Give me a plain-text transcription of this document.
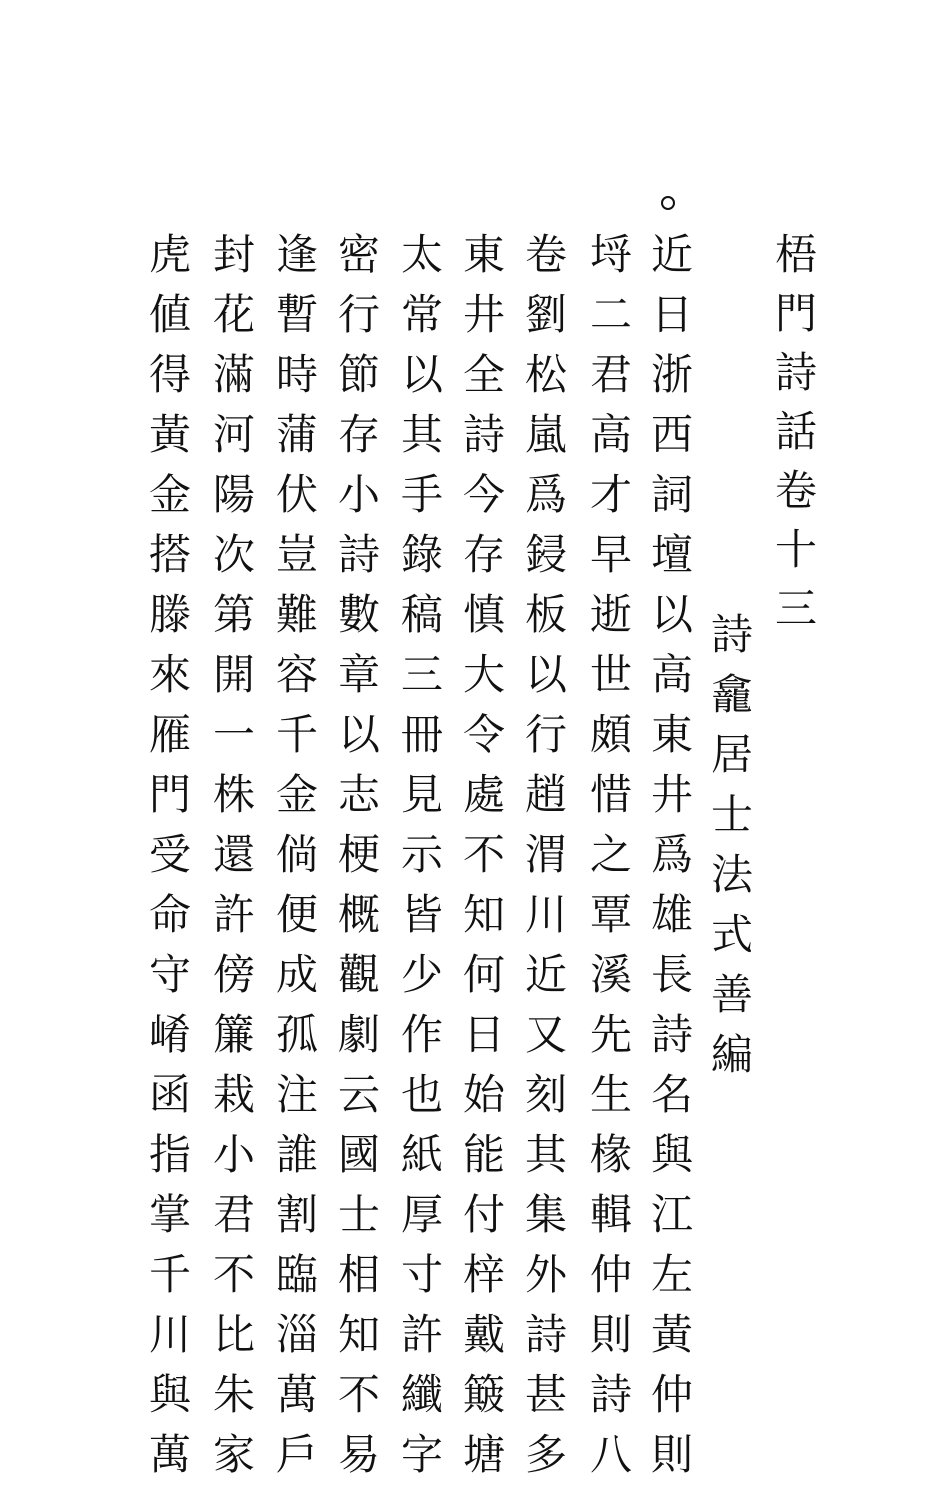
梧門詩話卷十三
詩龕居士法式善編
近日浙西詞壇以高東井爲雄長詩名與江左黃仲則
埒二君高才早逝世頗惜之覃溪先生椽輯仲則詩八
卷劉松嵐爲鋟板以行趙渭川近又刻其集外詩甚多
東井全詩今存慎大令處不知何日始能付梓戴簸塘
太常以其手錄稿三冊見示皆少作也紙厚寸許纖字
密行節存小詩數章以志梗概觀劇云國士相知不易
逢暫時蒲伏豈難容千金倘便成孤注誰割臨淄萬戶
封花滿河陽次第開一株還許傍簾栽小君不比朱家
虎値得黃金搭滕來雁門受命守崤函指掌千川與萬
